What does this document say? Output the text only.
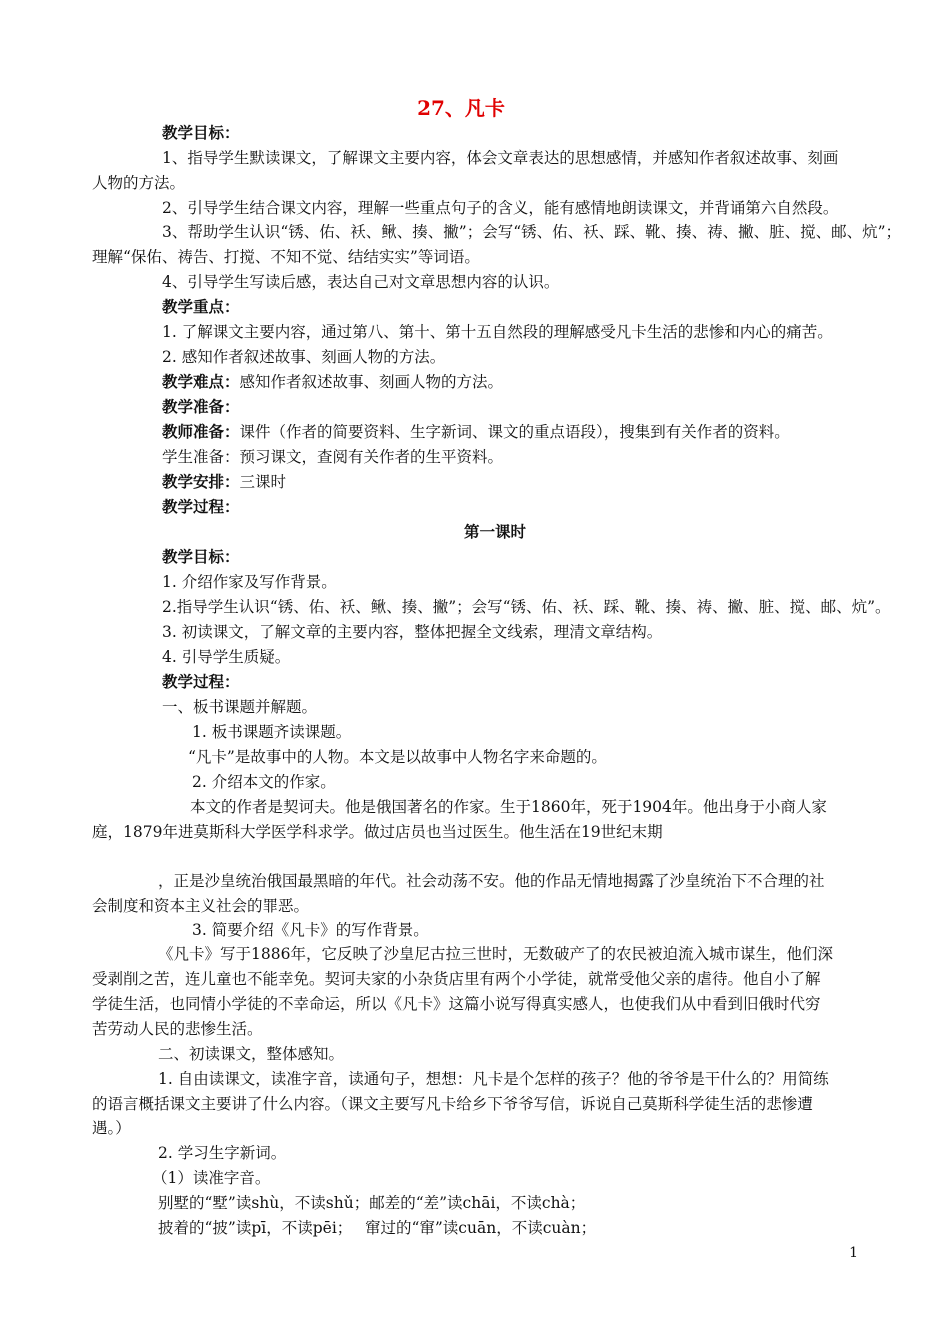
27、凡卡
教学目标：
1、指导学生默读课文，了解课文主要内容，体会文章表达的思想感情，并感知作者叙述故事、刻画
人物的方法。
2、引导学生结合课文内容，理解一些重点句子的含义，能有感情地朗读课文，并背诵第六自然段。
3、帮助学生认识“锈、佑、袄、鳅、揍、撇”；会写“锈、佑、袄、踩、靴、揍、祷、撇、脏、搅、邮、炕”；
理解“保佑、祷告、打搅、不知不觉、结结实实”等词语。
4、引导学生写读后感，表达自己对文章思想内容的认识。
教学重点：
1. 了解课文主要内容，通过第八、第十、第十五自然段的理解感受凡卡生活的悲惨和内心的痛苦。
2. 感知作者叙述故事、刻画人物的方法。
教学难点：感知作者叙述故事、刻画人物的方法。
教学准备：
教师准备：课件（作者的简要资料、生字新词、课文的重点语段），搜集到有关作者的资料。
学生准备：预习课文，查阅有关作者的生平资料。
教学安排：三课时
教学过程：
第一课时
教学目标：
1. 介绍作家及写作背景。
2.指导学生认识“锈、佑、袄、鳅、揍、撇”；会写“锈、佑、袄、踩、靴、揍、祷、撇、脏、搅、邮、炕”。
3. 初读课文，了解文章的主要内容，整体把握全文线索，理清文章结构。
4. 引导学生质疑。
教学过程：
一、板书课题并解题。
1. 板书课题齐读课题。
“凡卡”是故事中的人物。本文是以故事中人物名字来命题的。
2. 介绍本文的作家。
本文的作者是契诃夫。他是俄国著名的作家。生于1860年，死于1904年。他出身于小商人家
庭，1879年进莫斯科大学医学科求学。做过店员也当过医生。他生活在19世纪末期
，正是沙皇统治俄国最黑暗的年代。社会动荡不安。他的作品无情地揭露了沙皇统治下不合理的社
会制度和资本主义社会的罪恶。
3. 简要介绍《凡卡》的写作背景。
《凡卡》写于1886年，它反映了沙皇尼古拉三世时，无数破产了的农民被迫流入城市谋生，他们深
受剥削之苦，连儿童也不能幸免。契诃夫家的小杂货店里有两个小学徒，就常受他父亲的虐待。他自小了解
学徒生活，也同情小学徒的不幸命运，所以《凡卡》这篇小说写得真实感人，也使我们从中看到旧俄时代穷
苦劳动人民的悲惨生活。
二、初读课文，整体感知。
1. 自由读课文，读准字音，读通句子，想想：凡卡是个怎样的孩子？他的爷爷是干什么的？用简练
的语言概括课文主要讲了什么内容。（课文主要写凡卡给乡下爷爷写信，诉说自己莫斯科学徒生活的悲惨遭
遇。）
2. 学习生字新词。
（1）读准字音。
别墅的“墅”读shù，不读shǔ；邮差的“差”读chāi，不读chà；
披着的“披”读pī，不读pēi；　 窜过的“窜”读cuān，不读cuàn；
1
